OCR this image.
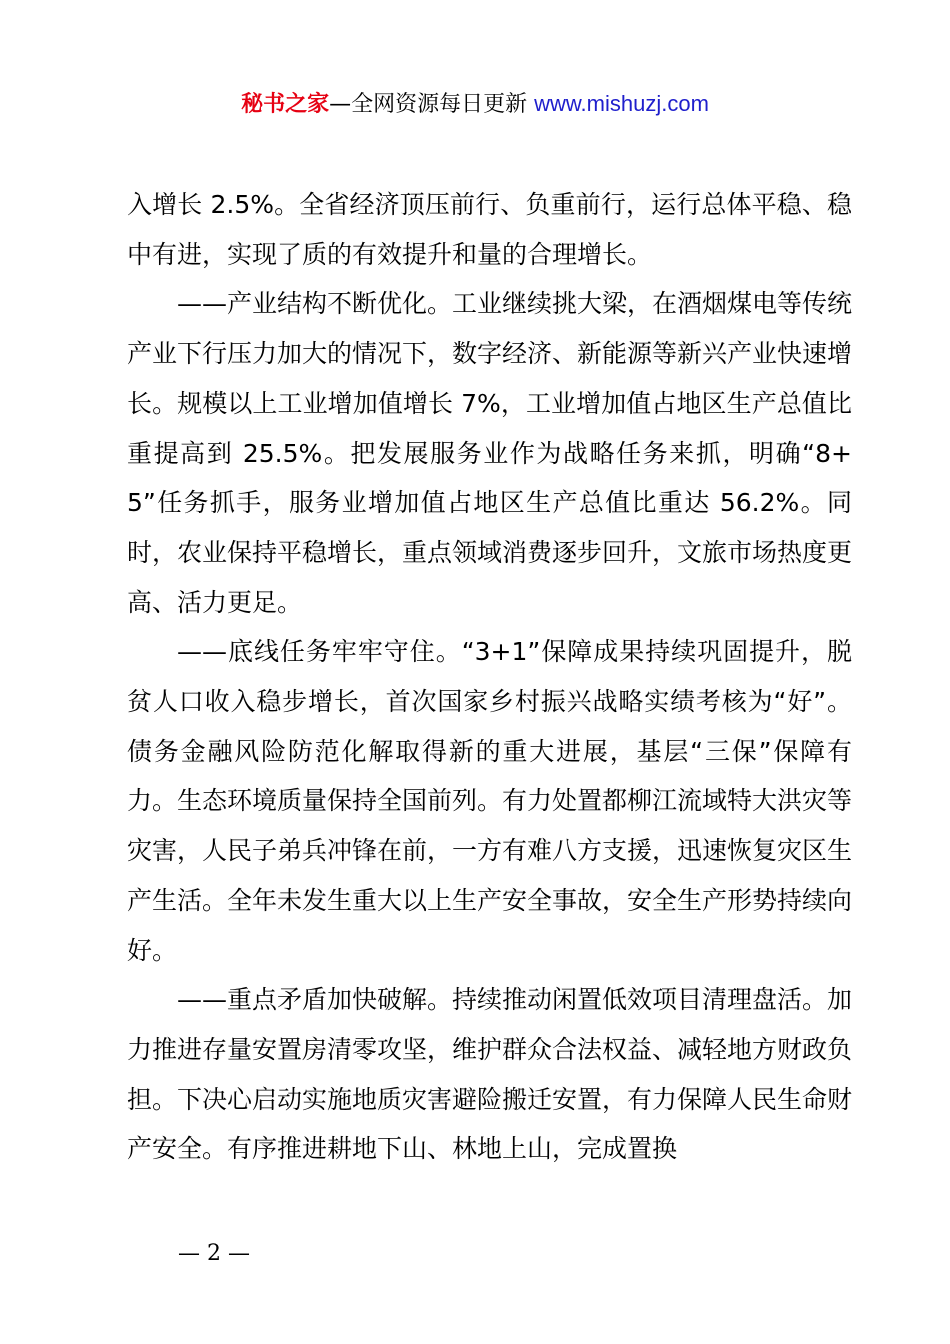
秘书之家—全网资源每日更新 www.mishuzj.com

入增长 2.5%。全省经济顶压前行、负重前行，运行总体平稳、稳中有进，实现了质的有效提升和量的合理增长。

——产业结构不断优化。工业继续挑大梁，在酒烟煤电等传统产业下行压力加大的情况下，数字经济、新能源等新兴产业快速增长。规模以上工业增加值增长 7%，工业增加值占地区生产总值比重提高到 25.5%。把发展服务业作为战略任务来抓，明确“8+5”任务抓手，服务业增加值占地区生产总值比重达 56.2%。同时，农业保持平稳增长，重点领域消费逐步回升，文旅市场热度更高、活力更足。

——底线任务牢牢守住。“3+1”保障成果持续巩固提升，脱贫人口收入稳步增长，首次国家乡村振兴战略实绩考核为“好”。债务金融风险防范化解取得新的重大进展，基层“三保”保障有力。生态环境质量保持全国前列。有力处置都柳江流域特大洪灾等灾害，人民子弟兵冲锋在前，一方有难八方支援，迅速恢复灾区生产生活。全年未发生重大以上生产安全事故，安全生产形势持续向好。

——重点矛盾加快破解。持续推动闲置低效项目清理盘活。加力推进存量安置房清零攻坚，维护群众合法权益、减轻地方财政负担。下决心启动实施地质灾害避险搬迁安置，有力保障人民生命财产安全。有序推进耕地下山、林地上山，完成置换

— 2 —
